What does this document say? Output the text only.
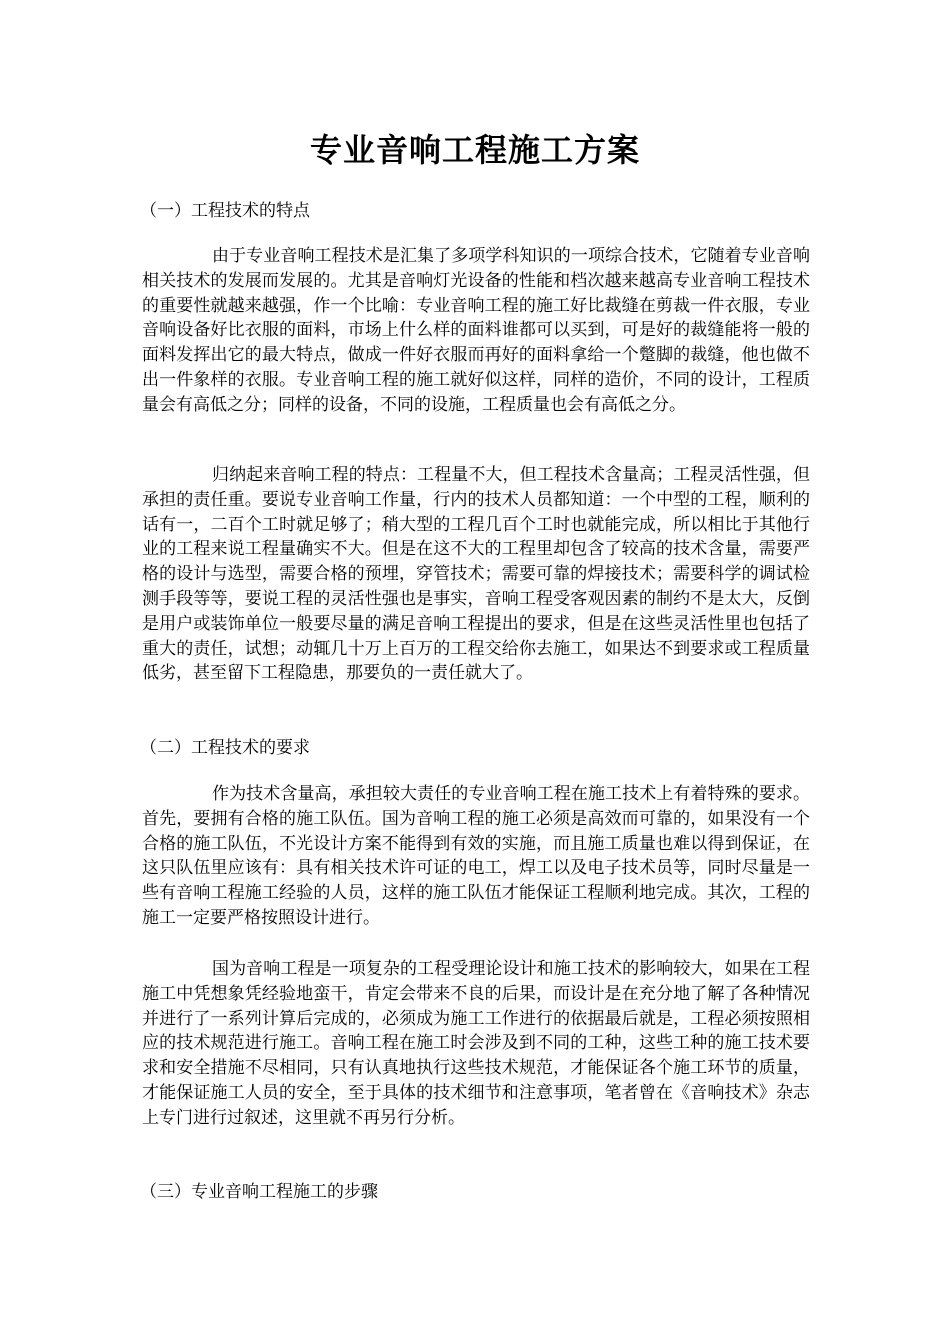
专业音响工程施工方案

（一）工程技术的特点

由于专业音响工程技术是汇集了多项学科知识的一项综合技术，它随着专业音响相关技术的发展而发展的。尤其是音响灯光设备的性能和档次越来越高专业音响工程技术的重要性就越来越强，作一个比喻：专业音响工程的施工好比裁缝在剪裁一件衣服，专业音响设备好比衣服的面料，市场上什么样的面料谁都可以买到，可是好的裁缝能将一般的面料发挥出它的最大特点，做成一件好衣服而再好的面料拿给一个蹩脚的裁缝，他也做不出一件象样的衣服。专业音响工程的施工就好似这样，同样的造价，不同的设计，工程质量会有高低之分；同样的设备，不同的设施，工程质量也会有高低之分。

归纳起来音响工程的特点：工程量不大，但工程技术含量高；工程灵活性强，但承担的责任重。要说专业音响工作量，行内的技术人员都知道：一个中型的工程，顺利的话有一，二百个工时就足够了；稍大型的工程几百个工时也就能完成，所以相比于其他行业的工程来说工程量确实不大。但是在这不大的工程里却包含了较高的技术含量，需要严格的设计与选型，需要合格的预埋，穿管技术；需要可靠的焊接技术；需要科学的调试检测手段等等，要说工程的灵活性强也是事实，音响工程受客观因素的制约不是太大，反倒是用户或装饰单位一般要尽量的满足音响工程提出的要求，但是在这些灵活性里也包括了重大的责任，试想；动辄几十万上百万的工程交给你去施工，如果达不到要求或工程质量低劣，甚至留下工程隐患，那要负的一责任就大了。

（二）工程技术的要求

作为技术含量高，承担较大责任的专业音响工程在施工技术上有着特殊的要求。首先，要拥有合格的施工队伍。国为音响工程的施工必须是高效而可靠的，如果没有一个合格的施工队伍，不光设计方案不能得到有效的实施，而且施工质量也难以得到保证，在这只队伍里应该有：具有相关技术许可证的电工，焊工以及电子技术员等，同时尽量是一些有音响工程施工经验的人员，这样的施工队伍才能保证工程顺利地完成。其次，工程的施工一定要严格按照设计进行。

国为音响工程是一项复杂的工程受理论设计和施工技术的影响较大，如果在工程施工中凭想象凭经验地蛮干，肯定会带来不良的后果，而设计是在充分地了解了各种情况并进行了一系列计算后完成的，必须成为施工工作进行的依据最后就是，工程必须按照相应的技术规范进行施工。音响工程在施工时会涉及到不同的工种，这些工种的施工技术要求和安全措施不尽相同，只有认真地执行这些技术规范，才能保证各个施工环节的质量，才能保证施工人员的安全，至于具体的技术细节和注意事项，笔者曾在《音响技术》杂志上专门进行过叙述，这里就不再另行分析。

（三）专业音响工程施工的步骤
